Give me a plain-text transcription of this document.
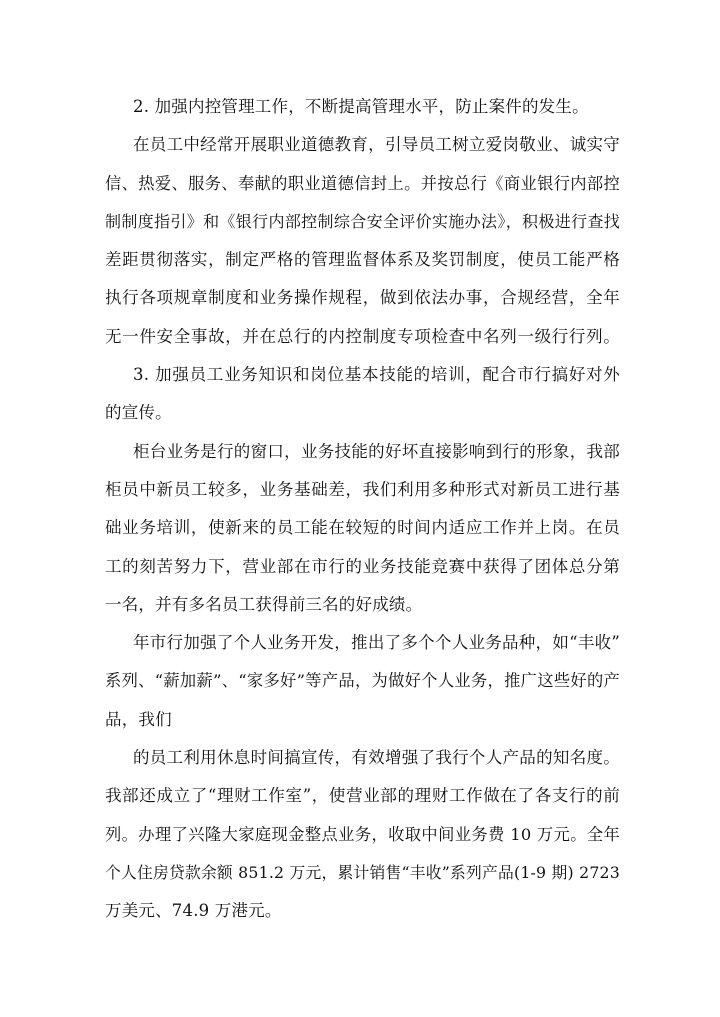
2. 加强内控管理工作，不断提高管理水平，防止案件的发生。
在员工中经常开展职业道德教育，引导员工树立爱岗敬业、诚实守
信、热爱、服务、奉献的职业道德信封上。并按总行《商业银行内部控
制制度指引》和《银行内部控制综合安全评价实施办法》，积极进行查找
差距贯彻落实，制定严格的管理监督体系及奖罚制度，使员工能严格
执行各项规章制度和业务操作规程，做到依法办事，合规经营，全年
无一件安全事故，并在总行的内控制度专项检查中名列一级行行列。
3. 加强员工业务知识和岗位基本技能的培训，配合市行搞好对外
的宣传。
柜台业务是行的窗口，业务技能的好坏直接影响到行的形象，我部
柜员中新员工较多，业务基础差，我们利用多种形式对新员工进行基
础业务培训，使新来的员工能在较短的时间内适应工作并上岗。在员
工的刻苦努力下，营业部在市行的业务技能竞赛中获得了团体总分第
一名，并有多名员工获得前三名的好成绩。
年市行加强了个人业务开发，推出了多个个人业务品种，如“丰收”
系列、“薪加薪”、“家多好”等产品，为做好个人业务，推广这些好的产
品，我们
的员工利用休息时间搞宣传，有效增强了我行个人产品的知名度。
我部还成立了“理财工作室”，使营业部的理财工作做在了各支行的前
列。办理了兴隆大家庭现金整点业务，收取中间业务费 10 万元。全年
个人住房贷款余额 851.2 万元，累计销售“丰收”系列产品(1-9 期) 2723
万美元、74.9 万港元。
